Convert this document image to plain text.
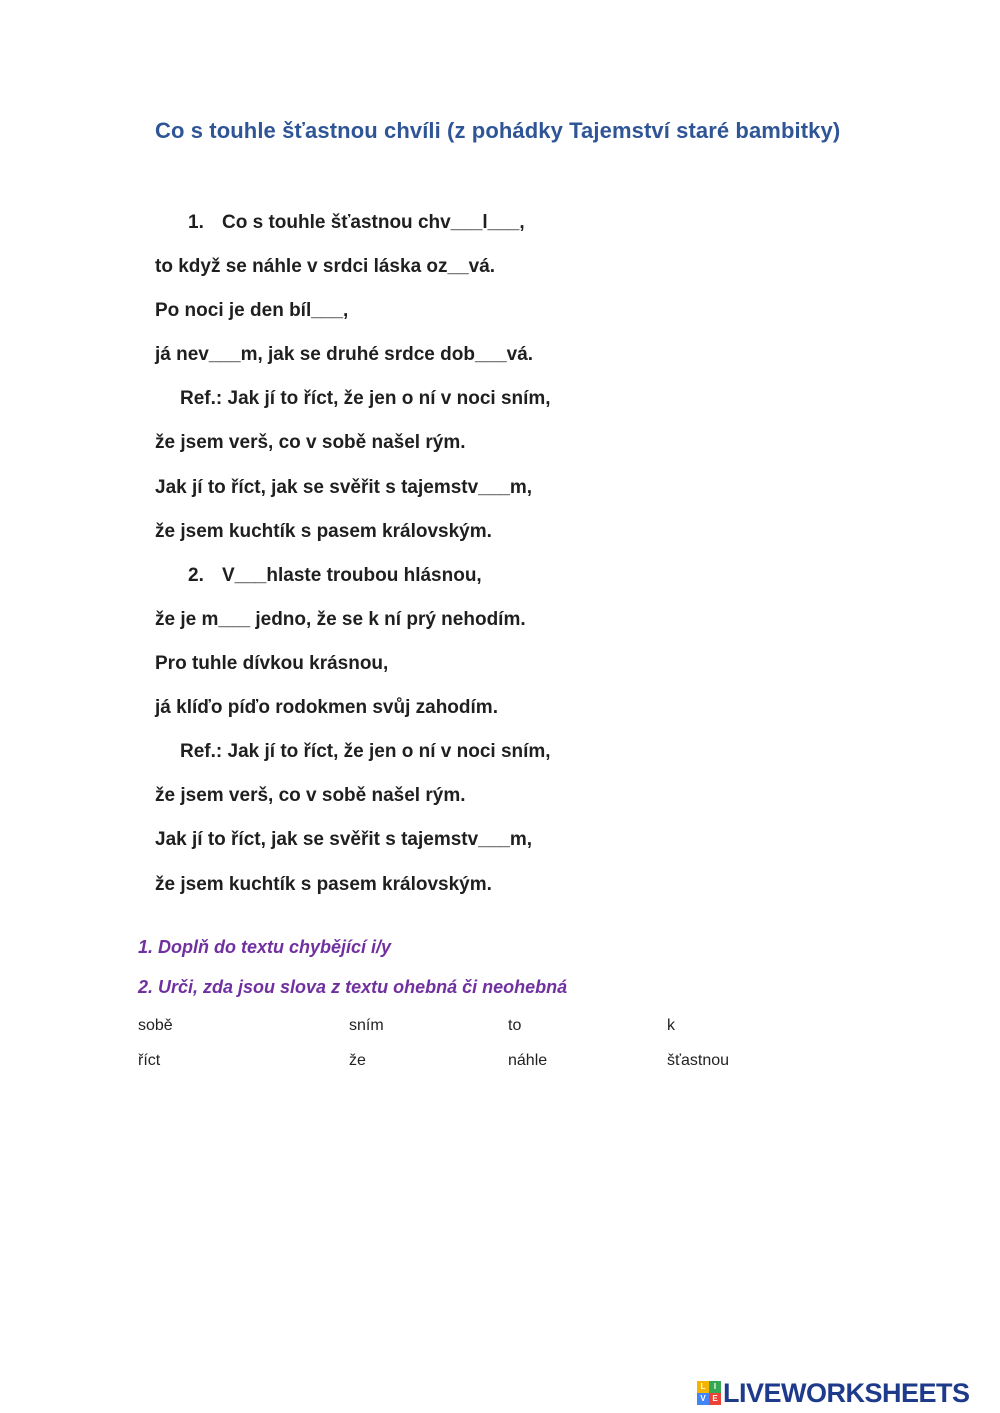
Co s touhle šťastnou chvíli (z pohádky Tajemství staré bambitky)
1. Co s touhle šťastnou chv___l___,
to když se náhle v srdci láska oz__vá.
Po noci je den bíl___,
já nev___m, jak se druhé srdce dob___vá.
Ref.: Jak jí to říct, že jen o ní v noci sním,
že jsem verš, co v sobě našel rým.
Jak jí to říct, jak se svěřit s tajemstv___m,
že jsem kuchtík s pasem královským.
2. V___hlaste troubou hlásnou,
že je m___ jedno, že se k ní prý nehodím.
Pro tuhle dívkou krásnou,
já klíďo píďo rodokmen svůj zahodím.
Ref.: Jak jí to říct, že jen o ní v noci sním,
že jsem verš, co v sobě našel rým.
Jak jí to říct, jak se svěřit s tajemstv___m,
že jsem kuchtík s pasem královským.
1. Doplň do textu chybějící i/y
2. Urči, zda jsou slova z textu ohebná či neohebná
sobě	sním	to	k
říct	že	náhle	šťastnou
L	I
V E LIVEWORKSHEETS
